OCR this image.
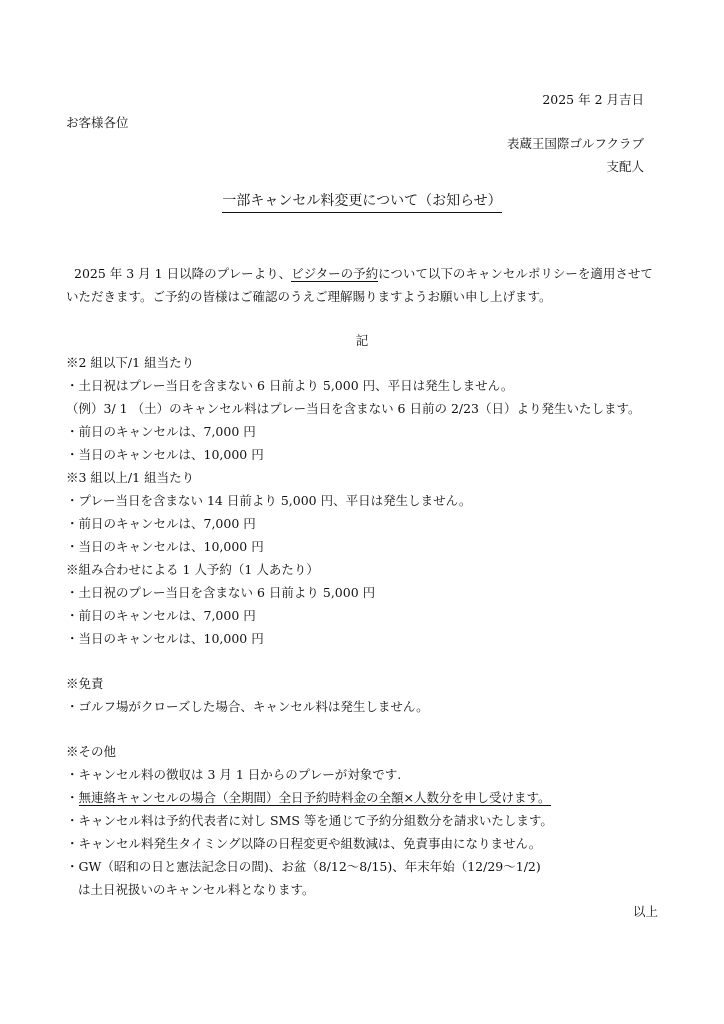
2025 年 2 月吉日
お客様各位
表蔵王国際ゴルフクラブ
支配人
一部キャンセル料変更について（お知らせ）
2025 年 3 月 1 日以降のプレーより、ビジターの予約について以下のキャンセルポリシーを適用させて
いただきます。ご予約の皆様はご確認のうえご理解賜りますようお願い申し上げます。
記
※2 組以下/1 組当たり
・土日祝はプレー当日を含まない 6 日前より 5,000 円、平日は発生しません。
（例）3/ 1 （土）のキャンセル料はプレー当日を含まない 6 日前の 2/23（日）より発生いたします。
・前日のキャンセルは、7,000 円
・当日のキャンセルは、10,000 円
※3 組以上/1 組当たり
・プレー当日を含まない 14 日前より 5,000 円、平日は発生しません。
・前日のキャンセルは、7,000 円
・当日のキャンセルは、10,000 円
※組み合わせによる 1 人予約（1 人あたり）
・土日祝のプレー当日を含まない 6 日前より 5,000 円
・前日のキャンセルは、7,000 円
・当日のキャンセルは、10,000 円
※免責
・ゴルフ場がクローズした場合、キャンセル料は発生しません。
※その他
・キャンセル料の徴収は 3 月 1 日からのプレーが対象です.
・無連絡キャンセルの場合（全期間）全日予約時料金の全額×人数分を申し受けます。
・キャンセル料は予約代表者に対し SMS 等を通じて予約分組数分を請求いたします。
・キャンセル料発生タイミング以降の日程変更や組数減は、免責事由になりません。
・GW（昭和の日と憲法記念日の間)、お盆（8/12〜8/15)、年末年始（12/29〜1/2)
は土日祝扱いのキャンセル料となります。
以上
